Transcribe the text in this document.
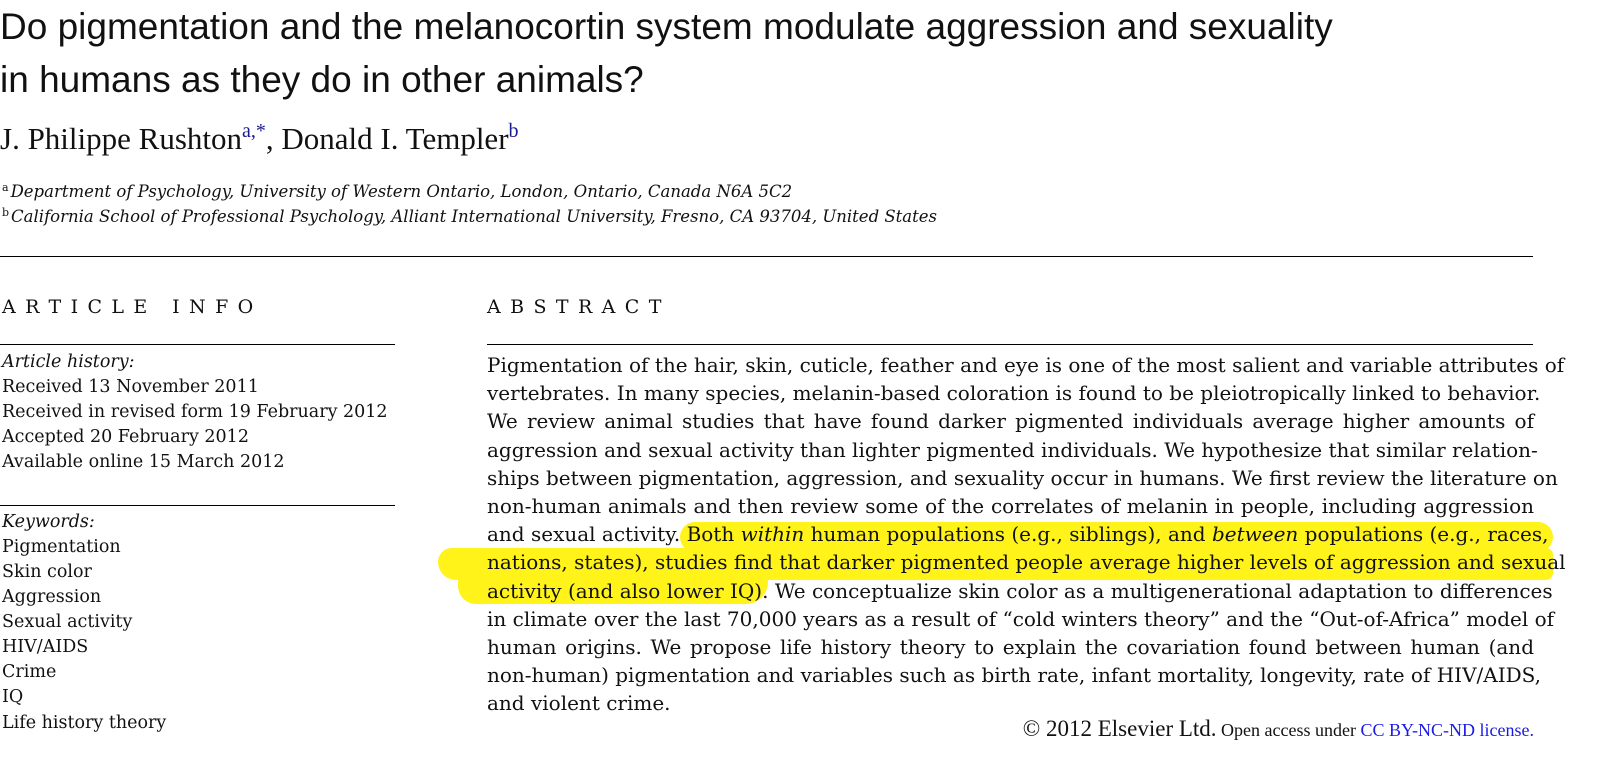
Do pigmentation and the melanocortin system modulate aggression and sexuality
in humans as they do in other animals?
J. Philippe Rushton$^{a,*}$, Donald I. Templer$^b$
$^a$ Department of Psychology, University of Western Ontario, London, Ontario, Canada N6A 5C2
$^b$ California School of Professional Psychology, Alliant International University, Fresno, CA 93704, United States
ARTICLE INFO	ABSTRACT
Article history:
Received 13 November 2011
Received in revised form 19 February 2012
Accepted 20 February 2012
Available online 15 March 2012
Keywords:
Pigmentation
Skin color
Aggression
Sexual activity
HIV/AIDS
Crime
IQ
Life history theory
Pigmentation of the hair, skin, cuticle, feather and eye is one of the most salient and variable attributes of
vertebrates. In many species, melanin-based coloration is found to be pleiotropically linked to behavior.
We review animal studies that have found darker pigmented individuals average higher amounts of
aggression and sexual activity than lighter pigmented individuals. We hypothesize that similar relation-
ships between pigmentation, aggression, and sexuality occur in humans. We first review the literature on
non-human animals and then review some of the correlates of melanin in people, including aggression
and sexual activity. Both within human populations (e.g., siblings), and between populations (e.g., races,
nations, states), studies find that darker pigmented people average higher levels of aggression and sexual
activity (and also lower IQ). We conceptualize skin color as a multigenerational adaptation to differences
in climate over the last 70,000 years as a result of “cold winters theory” and the “Out-of-Africa” model of
human origins. We propose life history theory to explain the covariation found between human (and
non-human) pigmentation and variables such as birth rate, infant mortality, longevity, rate of HIV/AIDS,
and violent crime.
© 2012 Elsevier Ltd. Open access under CC BY-NC-ND license.
